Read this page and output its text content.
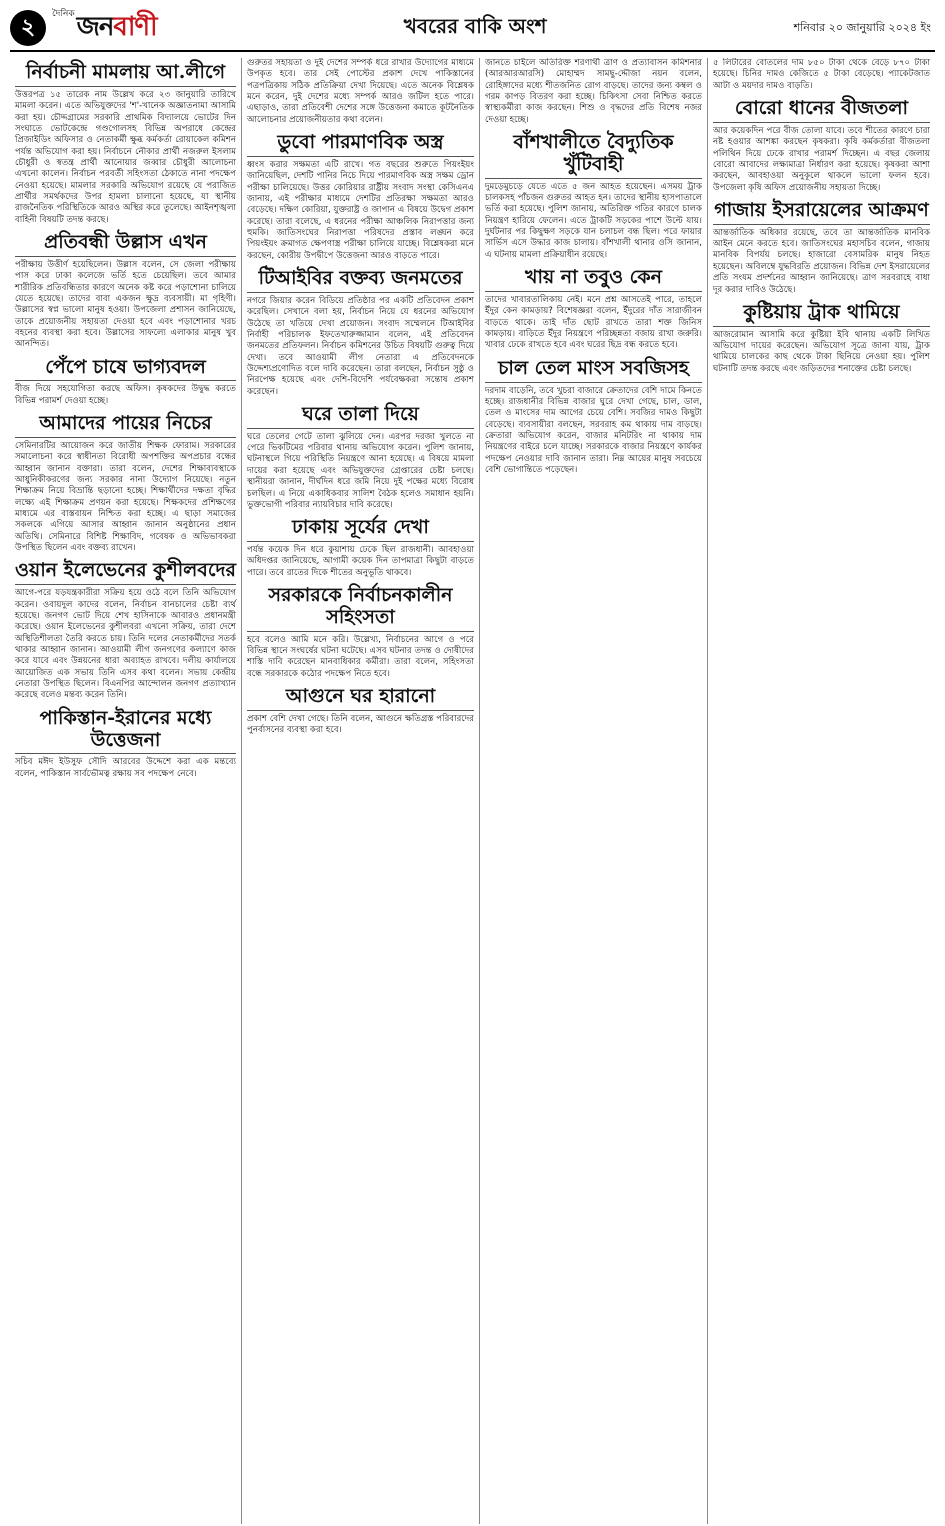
২
দৈনিক জনবাণী	খবরের বাকি অংশ	শনিবার ২০ জানুয়ারি ২০২৪ ইং
নির্বাচনী মামলায় আ.লীগে

উত্তরপত্র ১৫ তারেক নাম উল্লেখ করে ২৩ জানুয়ারি তারিখে মামলা করেন। এতে অভিযুক্তদের 'শ'-খানেক অজ্ঞাতনামা আসামি করা হয়। চৌদ্দগ্রামের সরকারি প্রাথমিক বিদ্যালয়ে ভোটের দিন সংঘাতে ভোটকেন্দ্রে গণ্ডগোলসহ বিভিন্ন অপরাধে কেন্দ্রের প্রিজাইডিং অফিসার ও নেতাকর্মী ক্ষুব্ধ কর্মকর্তা রোয়াকেল কমিশন পর্যন্ত অভিযোগ করা হয়। নির্বাচনে নৌকার প্রার্থী নজরুল ইসলাম চৌধুরী ও স্বতন্ত্র প্রার্থী আনোয়ার জব্বার চৌধুরী আলোচনা এখনো কালেন। নির্বাচন পরবর্তী সহিংসতা ঠেকাতে নানা পদক্ষেপ নেওয়া হয়েছে। মামলার সরকারি অভিযোগ রয়েছে যে পরাজিত প্রার্থীর সমর্থকদের উপর হামলা চালানো হয়েছে, যা স্থানীয় রাজনৈতিক পরিস্থিতিকে আরও অস্থির করে তুলেছে। আইনশৃঙ্খলা বাহিনী বিষয়টি তদন্ত করছে।

প্রতিবন্ধী উল্লাস এখন

পরীক্ষায় উত্তীর্ণ হয়েছিলেন। উল্লাস বলেন, সে জেলা পরীক্ষায় পাস করে ঢাকা কলেজে ভর্তি হতে চেয়েছিল। তবে আমার শারীরিক প্রতিবন্ধিতার কারণে অনেক কষ্ট করে পড়াশোনা চালিয়ে যেতে হয়েছে। তাদের বাবা একজন ক্ষুদ্র ব্যবসায়ী। মা গৃহিণী। উল্লাসের স্বপ্ন ভালো মানুষ হওয়া। উপজেলা প্রশাসন জানিয়েছে, তাকে প্রয়োজনীয় সহায়তা দেওয়া হবে এবং পড়াশোনার খরচ বহনের ব্যবস্থা করা হবে। উল্লাসের সাফল্যে এলাকার মানুষ খুব আনন্দিত।

পেঁপে চাষে ভাগ্যবদল

বীজ দিয়ে সহযোগিতা করছে অফিস। কৃষকদের উদ্বুদ্ধ করতে বিভিন্ন পরামর্শ দেওয়া হচ্ছে।

আমাদের পায়ের নিচের

সেমিনারটির আয়োজন করে জাতীয় শিক্ষক ফোরাম। সরকারের সমালোচনা করে স্বাধীনতা বিরোধী অপশক্তির অপপ্রচার বন্ধের আহ্বান জানান বক্তারা। তারা বলেন, দেশের শিক্ষাব্যবস্থাকে আধুনিকীকরণের জন্য সরকার নানা উদ্যোগ নিয়েছে। নতুন শিক্ষাক্রম নিয়ে বিভ্রান্তি ছড়ানো হচ্ছে। শিক্ষার্থীদের দক্ষতা বৃদ্ধির লক্ষ্যে এই শিক্ষাক্রম প্রণয়ন করা হয়েছে। শিক্ষকদের প্রশিক্ষণের মাধ্যমে এর বাস্তবায়ন নিশ্চিত করা হচ্ছে। এ ছাড়া সমাজের সকলকে এগিয়ে আসার আহ্বান জানান অনুষ্ঠানের প্রধান অতিথি। সেমিনারে বিশিষ্ট শিক্ষাবিদ, গবেষক ও অভিভাবকরা উপস্থিত ছিলেন এবং বক্তব্য রাখেন।

ওয়ান ইলেভেনের কুশীলবদের

আগে-পরে যড়যন্ত্রকারীরা সক্রিয় হয়ে ওঠে বলে তিনি অভিযোগ করেন। ওবায়দুল কাদের বলেন, নির্বাচন বানচালের চেষ্টা ব্যর্থ হয়েছে। জনগণ ভোট দিয়ে শেখ হাসিনাকে আবারও প্রধানমন্ত্রী করেছে। ওয়ান ইলেভেনের কুশীলবরা এখনো সক্রিয়, তারা দেশে অস্থিতিশীলতা তৈরি করতে চায়। তিনি দলের নেতাকর্মীদের সতর্ক থাকার আহ্বান জানান। আওয়ামী লীগ জনগণের কল্যাণে কাজ করে যাবে এবং উন্নয়নের ধারা অব্যাহত রাখবে। দলীয় কার্যালয়ে আয়োজিত এক সভায় তিনি এসব কথা বলেন। সভায় কেন্দ্রীয় নেতারা উপস্থিত ছিলেন। বিএনপির আন্দোলন জনগণ প্রত্যাখ্যান করেছে বলেও মন্তব্য করেন তিনি।

পাকিস্তান-ইরানের মধ্যে উত্তেজনা

সচিব মঈদ ইউসুফ সৌদি আরবের উদ্দেশে করা এক মন্তব্যে বলেন, পাকিস্তান সার্বভৌমত্ব রক্ষায় সব পদক্ষেপ নেবে।

গুরুতর সহায়তা ও দুই দেশের সম্পর্ক ধরে রাখার উদ্যোগের মাধ্যমে উপকৃত হবে। তার সেই পোস্টের প্রকাশ দেখে পাকিস্তানের পত্রপত্রিকায় সঠিক প্রতিক্রিয়া দেখা দিয়েছে। এতে অনেক বিশ্লেষক মনে করেন, দুই দেশের মধ্যে সম্পর্ক আরও জটিল হতে পারে। এছাড়াও, তারা প্রতিবেশী দেশের সঙ্গে উত্তেজনা কমাতে কূটনৈতিক আলোচনার প্রয়োজনীয়তার কথা বলেন।

ডুবো পারমাণবিক অস্ত্র

ধ্বংস করার সক্ষমতা এটি রাখে। গত বছরের শুরুতে পিয়ংইয়ং জানিয়েছিল, দেশটি পানির নিচে দিয়ে পারমাণবিক অস্ত্র সক্ষম ড্রোন পরীক্ষা চালিয়েছে। উত্তর কোরিয়ার রাষ্ট্রীয় সংবাদ সংস্থা কেসিএনএ জানায়, এই পরীক্ষার মাধ্যমে দেশটির প্রতিরক্ষা সক্ষমতা আরও বেড়েছে। দক্ষিণ কোরিয়া, যুক্তরাষ্ট্র ও জাপান এ বিষয়ে উদ্বেগ প্রকাশ করেছে। তারা বলেছে, এ ধরনের পরীক্ষা আঞ্চলিক নিরাপত্তার জন্য হুমকি। জাতিসংঘের নিরাপত্তা পরিষদের প্রস্তাব লঙ্ঘন করে পিয়ংইয়ং ক্রমাগত ক্ষেপণাস্ত্র পরীক্ষা চালিয়ে যাচ্ছে। বিশ্লেষকরা মনে করছেন, কোরীয় উপদ্বীপে উত্তেজনা আরও বাড়তে পারে।

টিআইবির বক্তব্য জনমতের

নগরে জিয়ার করেন বিডিয়ে প্রতিষ্ঠার পর একটি প্রতিবেদন প্রকাশ করেছিল। সেখানে বলা হয়, নির্বাচন নিয়ে যে ধরনের অভিযোগ উঠেছে তা খতিয়ে দেখা প্রয়োজন। সংবাদ সম্মেলনে টিআইবির নির্বাহী পরিচালক ইফতেখারুজ্জামান বলেন, এই প্রতিবেদন জনমতের প্রতিফলন। নির্বাচন কমিশনের উচিত বিষয়টি গুরুত্ব দিয়ে দেখা। তবে আওয়ামী লীগ নেতারা এ প্রতিবেদনকে উদ্দেশ্যপ্রণোদিত বলে দাবি করেছেন। তারা বলছেন, নির্বাচন সুষ্ঠু ও নিরপেক্ষ হয়েছে এবং দেশি-বিদেশি পর্যবেক্ষকরা সন্তোষ প্রকাশ করেছেন।

ঘরে তালা দিয়ে

ঘরে তেলের গেটে তালা ঝুলিয়ে দেন। এরপর দরজা খুলতে না পেরে ভিকটিমের পরিবার থানায় অভিযোগ করেন। পুলিশ জানায়, ঘটনাস্থলে গিয়ে পরিস্থিতি নিয়ন্ত্রণে আনা হয়েছে। এ বিষয়ে মামলা দায়ের করা হয়েছে এবং অভিযুক্তদের গ্রেপ্তারের চেষ্টা চলছে। স্থানীয়রা জানান, দীর্ঘদিন ধরে জমি নিয়ে দুই পক্ষের মধ্যে বিরোধ চলছিল। এ নিয়ে একাধিকবার সালিশ বৈঠক হলেও সমাধান হয়নি। ভুক্তভোগী পরিবার ন্যায়বিচার দাবি করেছে।

ঢাকায় সূর্যের দেখা

পর্যন্ত কয়েক দিন ধরে কুয়াশায় ঢেকে ছিল রাজধানী। আবহাওয়া অধিদপ্তর জানিয়েছে, আগামী কয়েক দিন তাপমাত্রা কিছুটা বাড়তে পারে। তবে রাতের দিকে শীতের অনুভূতি থাকবে।

সরকারকে নির্বাচনকালীন সহিংসতা

হবে বলেও আমি মনে করি। উল্লেখ্য, নির্বাচনের আগে ও পরে বিভিন্ন স্থানে সংঘর্ষের ঘটনা ঘটেছে। এসব ঘটনার তদন্ত ও দোষীদের শাস্তি দাবি করেছেন মানবাধিকার কর্মীরা। তারা বলেন, সহিংসতা বন্ধে সরকারকে কঠোর পদক্ষেপ নিতে হবে।

আগুনে ঘর হারানো

প্রকাশ বেশি দেখা গেছে। তিনি বলেন, আগুনে ক্ষতিগ্রস্ত পরিবারদের পুনর্বাসনের ব্যবস্থা করা হবে।

জানতে চাইলে অতিরিক্ত শরণার্থী ত্রাণ ও প্রত্যাবাসন কমিশনার (আরআরআরসি) মোহাম্মদ সামছু-দ্দৌজা নয়ন বলেন, রোহিঙ্গাদের মধ্যে শীতজনিত রোগ বাড়ছে। তাদের জন্য কম্বল ও গরম কাপড় বিতরণ করা হচ্ছে। চিকিৎসা সেবা নিশ্চিত করতে স্বাস্থ্যকর্মীরা কাজ করছেন। শিশু ও বৃদ্ধদের প্রতি বিশেষ নজর দেওয়া হচ্ছে।

বাঁশখালীতে বৈদ্যুতিক খুঁটিবাহী

দুমড়েমুচড়ে যেতে এতে ৫ জন আহত হয়েছেন। এসময় ট্রাক চালকসহ পাঁচজন গুরুতর আহত হন। তাদের স্থানীয় হাসপাতালে ভর্তি করা হয়েছে। পুলিশ জানায়, অতিরিক্ত গতির কারণে চালক নিয়ন্ত্রণ হারিয়ে ফেলেন। এতে ট্রাকটি সড়কের পাশে উল্টে যায়। দুর্ঘটনার পর কিছুক্ষণ সড়কে যান চলাচল বন্ধ ছিল। পরে ফায়ার সার্ভিস এসে উদ্ধার কাজ চালায়। বাঁশখালী থানার ওসি জানান, এ ঘটনায় মামলা প্রক্রিয়াধীন রয়েছে।

খায় না তবুও কেন

তাদের খাবারতালিকায় নেই। মনে প্রশ্ন আসতেই পারে, তাহলে ইঁদুর কেন কামড়ায়? বিশেষজ্ঞরা বলেন, ইঁদুরের দাঁত সারাজীবন বাড়তে থাকে। তাই দাঁত ছোট রাখতে তারা শক্ত জিনিস কামড়ায়। বাড়িতে ইঁদুর নিয়ন্ত্রণে পরিচ্ছন্নতা বজায় রাখা জরুরি। খাবার ঢেকে রাখতে হবে এবং ঘরের ছিদ্র বন্ধ করতে হবে।

চাল তেল মাংস সবজিসহ

দরদাম বাড়েনি, তবে খুচরা বাজারে ক্রেতাদের বেশি দামে কিনতে হচ্ছে। রাজধানীর বিভিন্ন বাজার ঘুরে দেখা গেছে, চাল, ডাল, তেল ও মাংসের দাম আগের চেয়ে বেশি। সবজির দামও কিছুটা বেড়েছে। ব্যবসায়ীরা বলছেন, সরবরাহ কম থাকায় দাম বাড়ছে। ক্রেতারা অভিযোগ করেন, বাজার মনিটরিং না থাকায় দাম নিয়ন্ত্রণের বাইরে চলে যাচ্ছে। সরকারকে বাজার নিয়ন্ত্রণে কার্যকর পদক্ষেপ নেওয়ার দাবি জানান তারা। নিম্ন আয়ের মানুষ সবচেয়ে বেশি ভোগান্তিতে পড়েছেন।

৫ লিটারের বোতলের দাম ৮৫০ টাকা থেকে বেড়ে ৮৭০ টাকা হয়েছে। চিনির দামও কেজিতে ৫ টাকা বেড়েছে। প্যাকেটজাত আটা ও ময়দার দামও বাড়তি।

বোরো ধানের বীজতলা

আর কয়েকদিন পরে বীজ তোলা যাবে। তবে শীতের কারণে চারা নষ্ট হওয়ার আশঙ্কা করছেন কৃষকরা। কৃষি কর্মকর্তারা বীজতলা পলিথিন দিয়ে ঢেকে রাখার পরামর্শ দিচ্ছেন। এ বছর জেলায় বোরো আবাদের লক্ষ্যমাত্রা নির্ধারণ করা হয়েছে। কৃষকরা আশা করছেন, আবহাওয়া অনুকূলে থাকলে ভালো ফলন হবে। উপজেলা কৃষি অফিস প্রয়োজনীয় সহায়তা দিচ্ছে।

গাজায় ইসরায়েলের আক্রমণ

আন্তর্জাতিক অধিকার রয়েছে, তবে তা আন্তর্জাতিক মানবিক আইন মেনে করতে হবে। জাতিসংঘের মহাসচিব বলেন, গাজায় মানবিক বিপর্যয় চলছে। হাজারো বেসামরিক মানুষ নিহত হয়েছেন। অবিলম্বে যুদ্ধবিরতি প্রয়োজন। বিভিন্ন দেশ ইসরায়েলের প্রতি সংযম প্রদর্শনের আহ্বান জানিয়েছে। ত্রাণ সরবরাহে বাধা দূর করার দাবিও উঠেছে।

কুষ্টিয়ায় ট্রাক থামিয়ে

আজরোমান আসামি করে কুষ্টিয়া ইবি থানায় একটি লিখিত অভিযোগ দায়ের করেছেন। অভিযোগ সূত্রে জানা যায়, ট্রাক থামিয়ে চালকের কাছ থেকে টাকা ছিনিয়ে নেওয়া হয়। পুলিশ ঘটনাটি তদন্ত করছে এবং জড়িতদের শনাক্তের চেষ্টা চলছে।
